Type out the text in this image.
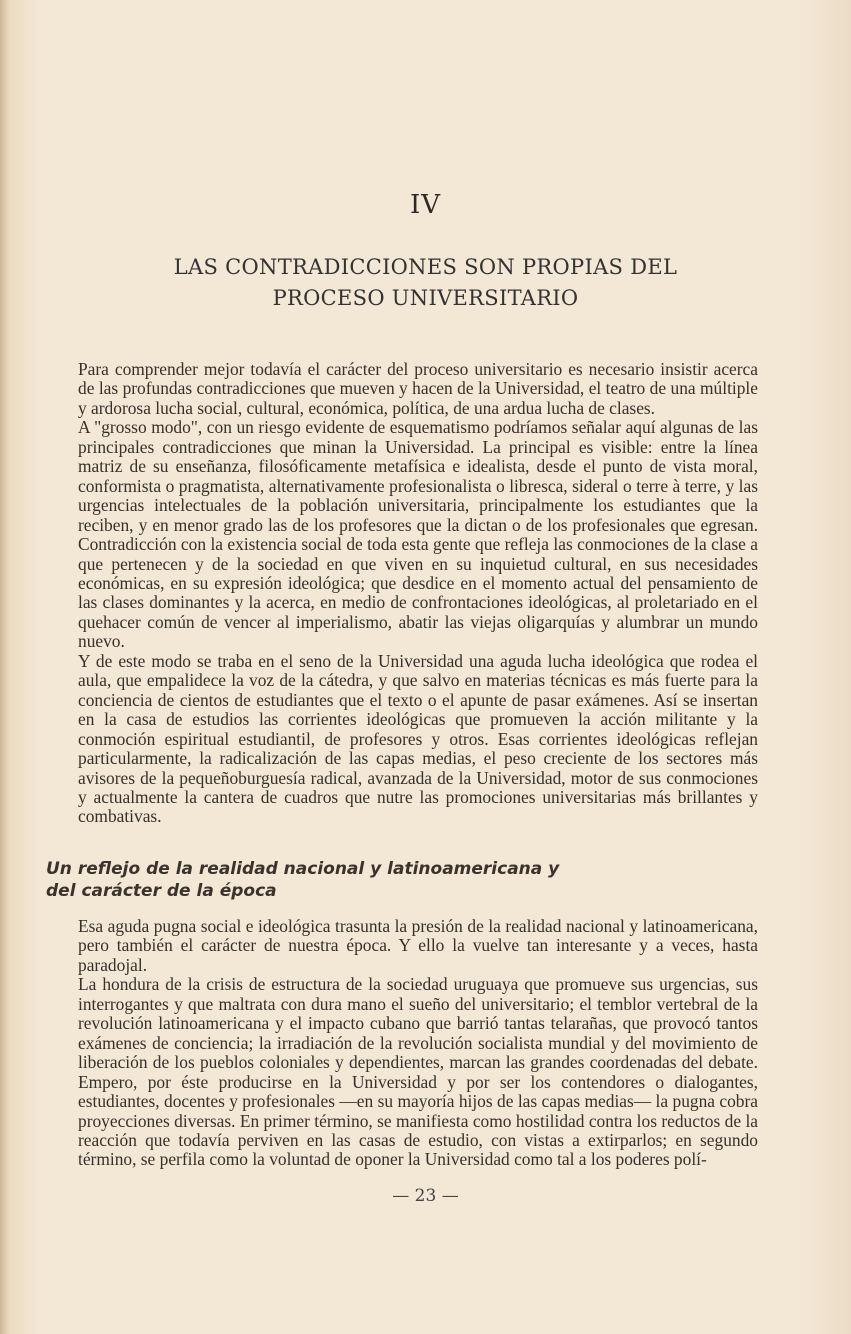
IV
LAS CONTRADICCIONES SON PROPIAS DEL
PROCESO UNIVERSITARIO

Para comprender mejor todavía el carácter del proceso universitario es necesario insistir acerca de las profundas contradicciones que mueven y hacen de la Universidad, el teatro de una múltiple y ardorosa lucha social, cultural, económica, política, de una ardua lucha de clases.

A "grosso modo", con un riesgo evidente de esquematismo podríamos señalar aquí algunas de las principales contradicciones que minan la Universidad. La principal es visible: entre la línea matriz de su enseñanza, filosóficamente metafísica e idealista, desde el punto de vista moral, conformista o pragmatista, alternativamente profesionalista o libresca, sideral o terre à terre, y las urgencias intelectuales de la población universitaria, principalmente los estudiantes que la reciben, y en menor grado las de los profesores que la dictan o de los profesionales que egresan. Contradicción con la existencia social de toda esta gente que refleja las conmociones de la clase a que pertenecen y de la sociedad en que viven en su inquietud cultural, en sus necesidades económicas, en su expresión ideológica; que desdice en el momento actual del pensamiento de las clases dominantes y la acerca, en medio de confrontaciones ideológicas, al proletariado en el quehacer común de vencer al imperialismo, abatir las viejas oligarquías y alumbrar un mundo nuevo.

Y de este modo se traba en el seno de la Universidad una aguda lucha ideológica que rodea el aula, que empalidece la voz de la cátedra, y que salvo en materias técnicas es más fuerte para la conciencia de cientos de estudiantes que el texto o el apunte de pasar exámenes. Así se insertan en la casa de estudios las corrientes ideológicas que promueven la acción militante y la conmoción espiritual estudiantil, de profesores y otros. Esas corrientes ideológicas reflejan particularmente, la radicalización de las capas medias, el peso creciente de los sectores más avisores de la pequeñoburguesía radical, avanzada de la Universidad, motor de sus conmociones y actualmente la cantera de cuadros que nutre las promociones universitarias más brillantes y combativas.

Un reflejo de la realidad nacional y latinoamericana y
del carácter de la época

Esa aguda pugna social e ideológica trasunta la presión de la realidad nacional y latinoamericana, pero también el carácter de nuestra época. Y ello la vuelve tan interesante y a veces, hasta paradojal.

La hondura de la crisis de estructura de la sociedad uruguaya que promueve sus urgencias, sus interrogantes y que maltrata con dura mano el sueño del universitario; el temblor vertebral de la revolución latinoamericana y el impacto cubano que barrió tantas telarañas, que provocó tantos exámenes de conciencia; la irradiación de la revolución socialista mundial y del movimiento de liberación de los pueblos coloniales y dependientes, marcan las grandes coordenadas del debate. Empero, por éste producirse en la Universidad y por ser los contendores o dialogantes, estudiantes, docentes y profesionales —en su mayoría hijos de las capas medias— la pugna cobra proyecciones diversas. En primer término, se manifiesta como hostilidad contra los reductos de la reacción que todavía perviven en las casas de estudio, con vistas a extirparlos; en segundo término, se perfila como la voluntad de oponer la Universidad como tal a los poderes polí-

— 23 —
